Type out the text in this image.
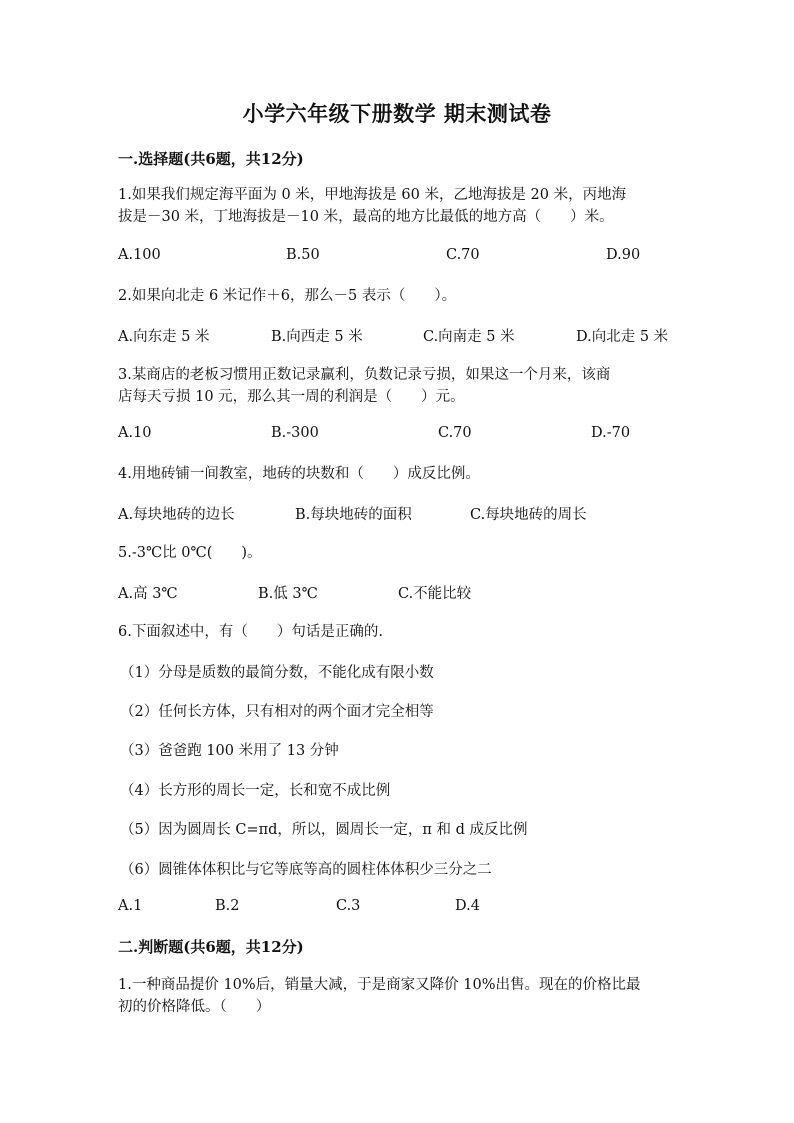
小学六年级下册数学 期末测试卷
一.选择题(共6题，共12分)
1.如果我们规定海平面为 0 米，甲地海拔是 60 米，乙地海拔是 20 米，丙地海
拔是－30 米，丁地海拔是－10 米，最高的地方比最低的地方高（　　）米。
A.100	B.50	C.70	D.90
2.如果向北走 6 米记作＋6，那么－5 表示（　　）。
A.向东走 5 米	B.向西走 5 米	C.向南走 5 米	D.向北走 5 米
3.某商店的老板习惯用正数记录赢利，负数记录亏损，如果这一个月来，该商
店每天亏损 10 元，那么其一周的利润是（　　）元。
A.10	B.-300	C.70	D.-70
4.用地砖铺一间教室，地砖的块数和（　　）成反比例。
A.每块地砖的边长	B.每块地砖的面积	C.每块地砖的周长
5.-3℃比 0℃(　　)。
A.高 3℃	B.低 3℃	C.不能比较
6.下面叙述中，有（　　）句话是正确的.
（1）分母是质数的最简分数，不能化成有限小数
（2）任何长方体，只有相对的两个面才完全相等
（3）爸爸跑 100 米用了 13 分钟
（4）长方形的周长一定，长和宽不成比例
（5）因为圆周长 C=πd，所以，圆周长一定，π 和 d 成反比例
（6）圆锥体体积比与它等底等高的圆柱体体积少三分之二
A.1	B.2	C.3	D.4
二.判断题(共6题，共12分)
1.一种商品提价 10%后，销量大减，于是商家又降价 10%出售。现在的价格比最
初的价格降低。（　　）
